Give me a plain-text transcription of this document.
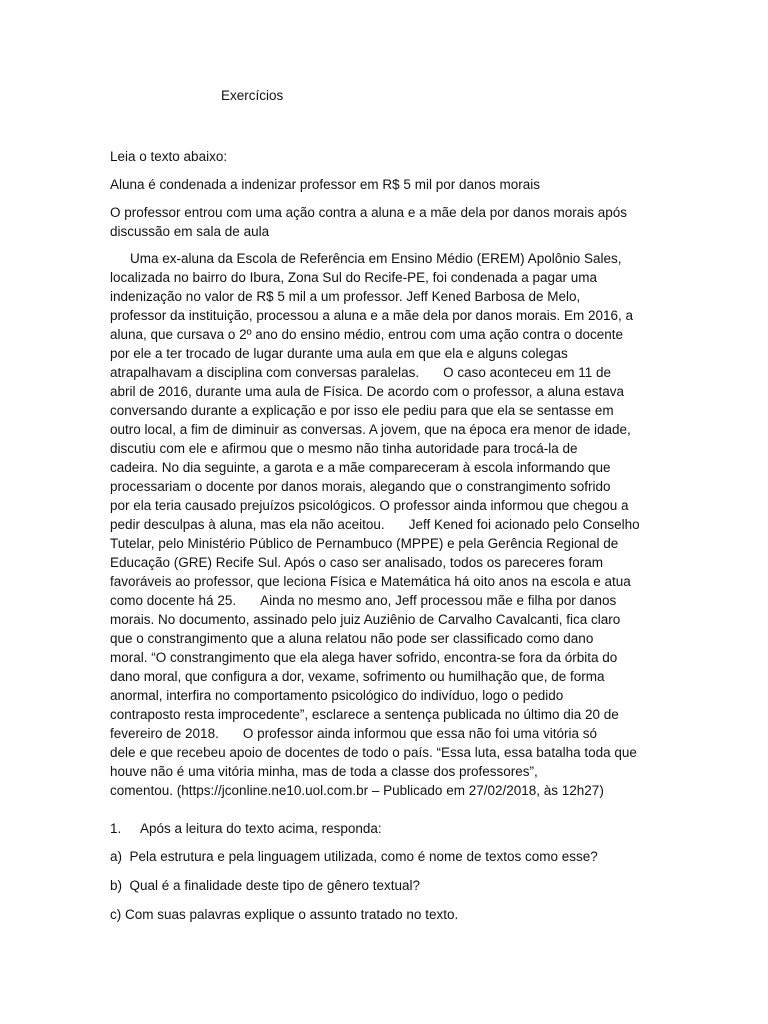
Exercícios
Leia o texto abaixo:
Aluna é condenada a indenizar professor em R$ 5 mil por danos morais
O professor entrou com uma ação contra a aluna e a mãe dela por danos morais após
discussão em sala de aula
Uma ex-aluna da Escola de Referência em Ensino Médio (EREM) Apolônio Sales,
localizada no bairro do Ibura, Zona Sul do Recife-PE, foi condenada a pagar uma
indenização no valor de R$ 5 mil a um professor. Jeff Kened Barbosa de Melo,
professor da instituição, processou a aluna e a mãe dela por danos morais. Em 2016, a
aluna, que cursava o 2º ano do ensino médio, entrou com uma ação contra o docente
por ele a ter trocado de lugar durante uma aula em que ela e alguns colegas
atrapalhavam a disciplina com conversas paralelas. O caso aconteceu em 11 de
abril de 2016, durante uma aula de Física. De acordo com o professor, a aluna estava
conversando durante a explicação e por isso ele pediu para que ela se sentasse em
outro local, a fim de diminuir as conversas. A jovem, que na época era menor de idade,
discutiu com ele e afirmou que o mesmo não tinha autoridade para trocá-la de
cadeira. No dia seguinte, a garota e a mãe compareceram à escola informando que
processariam o docente por danos morais, alegando que o constrangimento sofrido
por ela teria causado prejuízos psicológicos. O professor ainda informou que chegou a
pedir desculpas à aluna, mas ela não aceitou. Jeff Kened foi acionado pelo Conselho
Tutelar, pelo Ministério Público de Pernambuco (MPPE) e pela Gerência Regional de
Educação (GRE) Recife Sul. Após o caso ser analisado, todos os pareceres foram
favoráveis ao professor, que leciona Física e Matemática há oito anos na escola e atua
como docente há 25. Ainda no mesmo ano, Jeff processou mãe e filha por danos
morais. No documento, assinado pelo juiz Auziênio de Carvalho Cavalcanti, fica claro
que o constrangimento que a aluna relatou não pode ser classificado como dano
moral. “O constrangimento que ela alega haver sofrido, encontra-se fora da órbita do
dano moral, que configura a dor, vexame, sofrimento ou humilhação que, de forma
anormal, interfira no comportamento psicológico do indivíduo, logo o pedido
contraposto resta improcedente”, esclarece a sentença publicada no último dia 20 de
fevereiro de 2018. O professor ainda informou que essa não foi uma vitória só
dele e que recebeu apoio de docentes de todo o país. “Essa luta, essa batalha toda que
houve não é uma vitória minha, mas de toda a classe dos professores”,
comentou. (https://jconline.ne10.uol.com.br – Publicado em 27/02/2018, às 12h27)
1. Após a leitura do texto acima, responda:
a) Pela estrutura e pela linguagem utilizada, como é nome de textos como esse?
b) Qual é a finalidade deste tipo de gênero textual?
c) Com suas palavras explique o assunto tratado no texto.
